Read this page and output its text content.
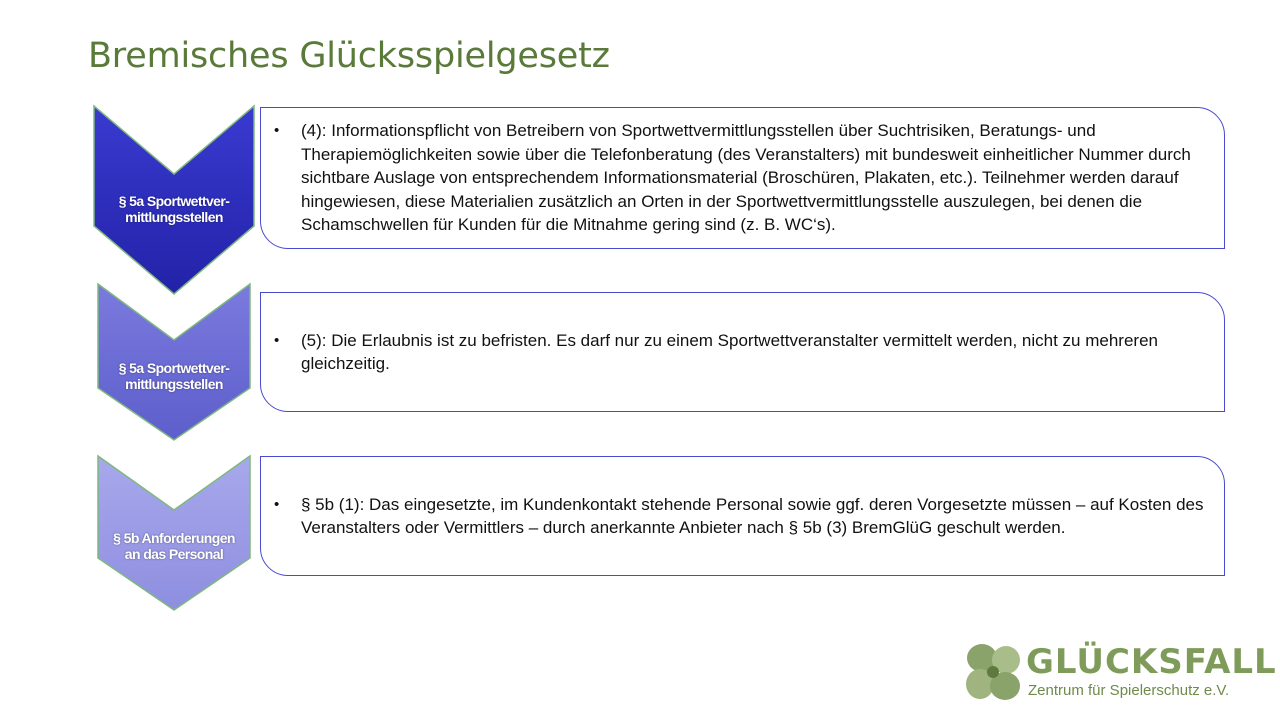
Bremisches Glücksspielgesetz
§ 5a Sportwettver-
mittlungsstellen
• (4): Informationspflicht von Betreibern von Sportwettvermittlungsstellen über Suchtrisiken, Beratungs- und Therapiemöglichkeiten sowie über die Telefonberatung (des Veranstalters) mit bundesweit einheitlicher Nummer durch sichtbare Auslage von entsprechendem Informationsmaterial (Broschüren, Plakaten, etc.). Teilnehmer werden darauf hingewiesen, diese Materialien zusätzlich an Orten in der Sportwettvermittlungsstelle auszulegen, bei denen die Schamschwellen für Kunden für die Mitnahme gering sind (z. B. WC‘s).
§ 5a Sportwettver-
mittlungsstellen
• (5): Die Erlaubnis ist zu befristen. Es darf nur zu einem Sportwettveranstalter vermittelt werden, nicht zu mehreren gleichzeitig.
§ 5b Anforderungen
an das Personal
• § 5b (1): Das eingesetzte, im Kundenkontakt stehende Personal sowie ggf. deren Vorgesetzte müssen – auf Kosten des Veranstalters oder Vermittlers – durch anerkannte Anbieter nach § 5b (3) BremGlüG geschult werden.
GLÜCKSFALL
Zentrum für Spielerschutz e.V.
